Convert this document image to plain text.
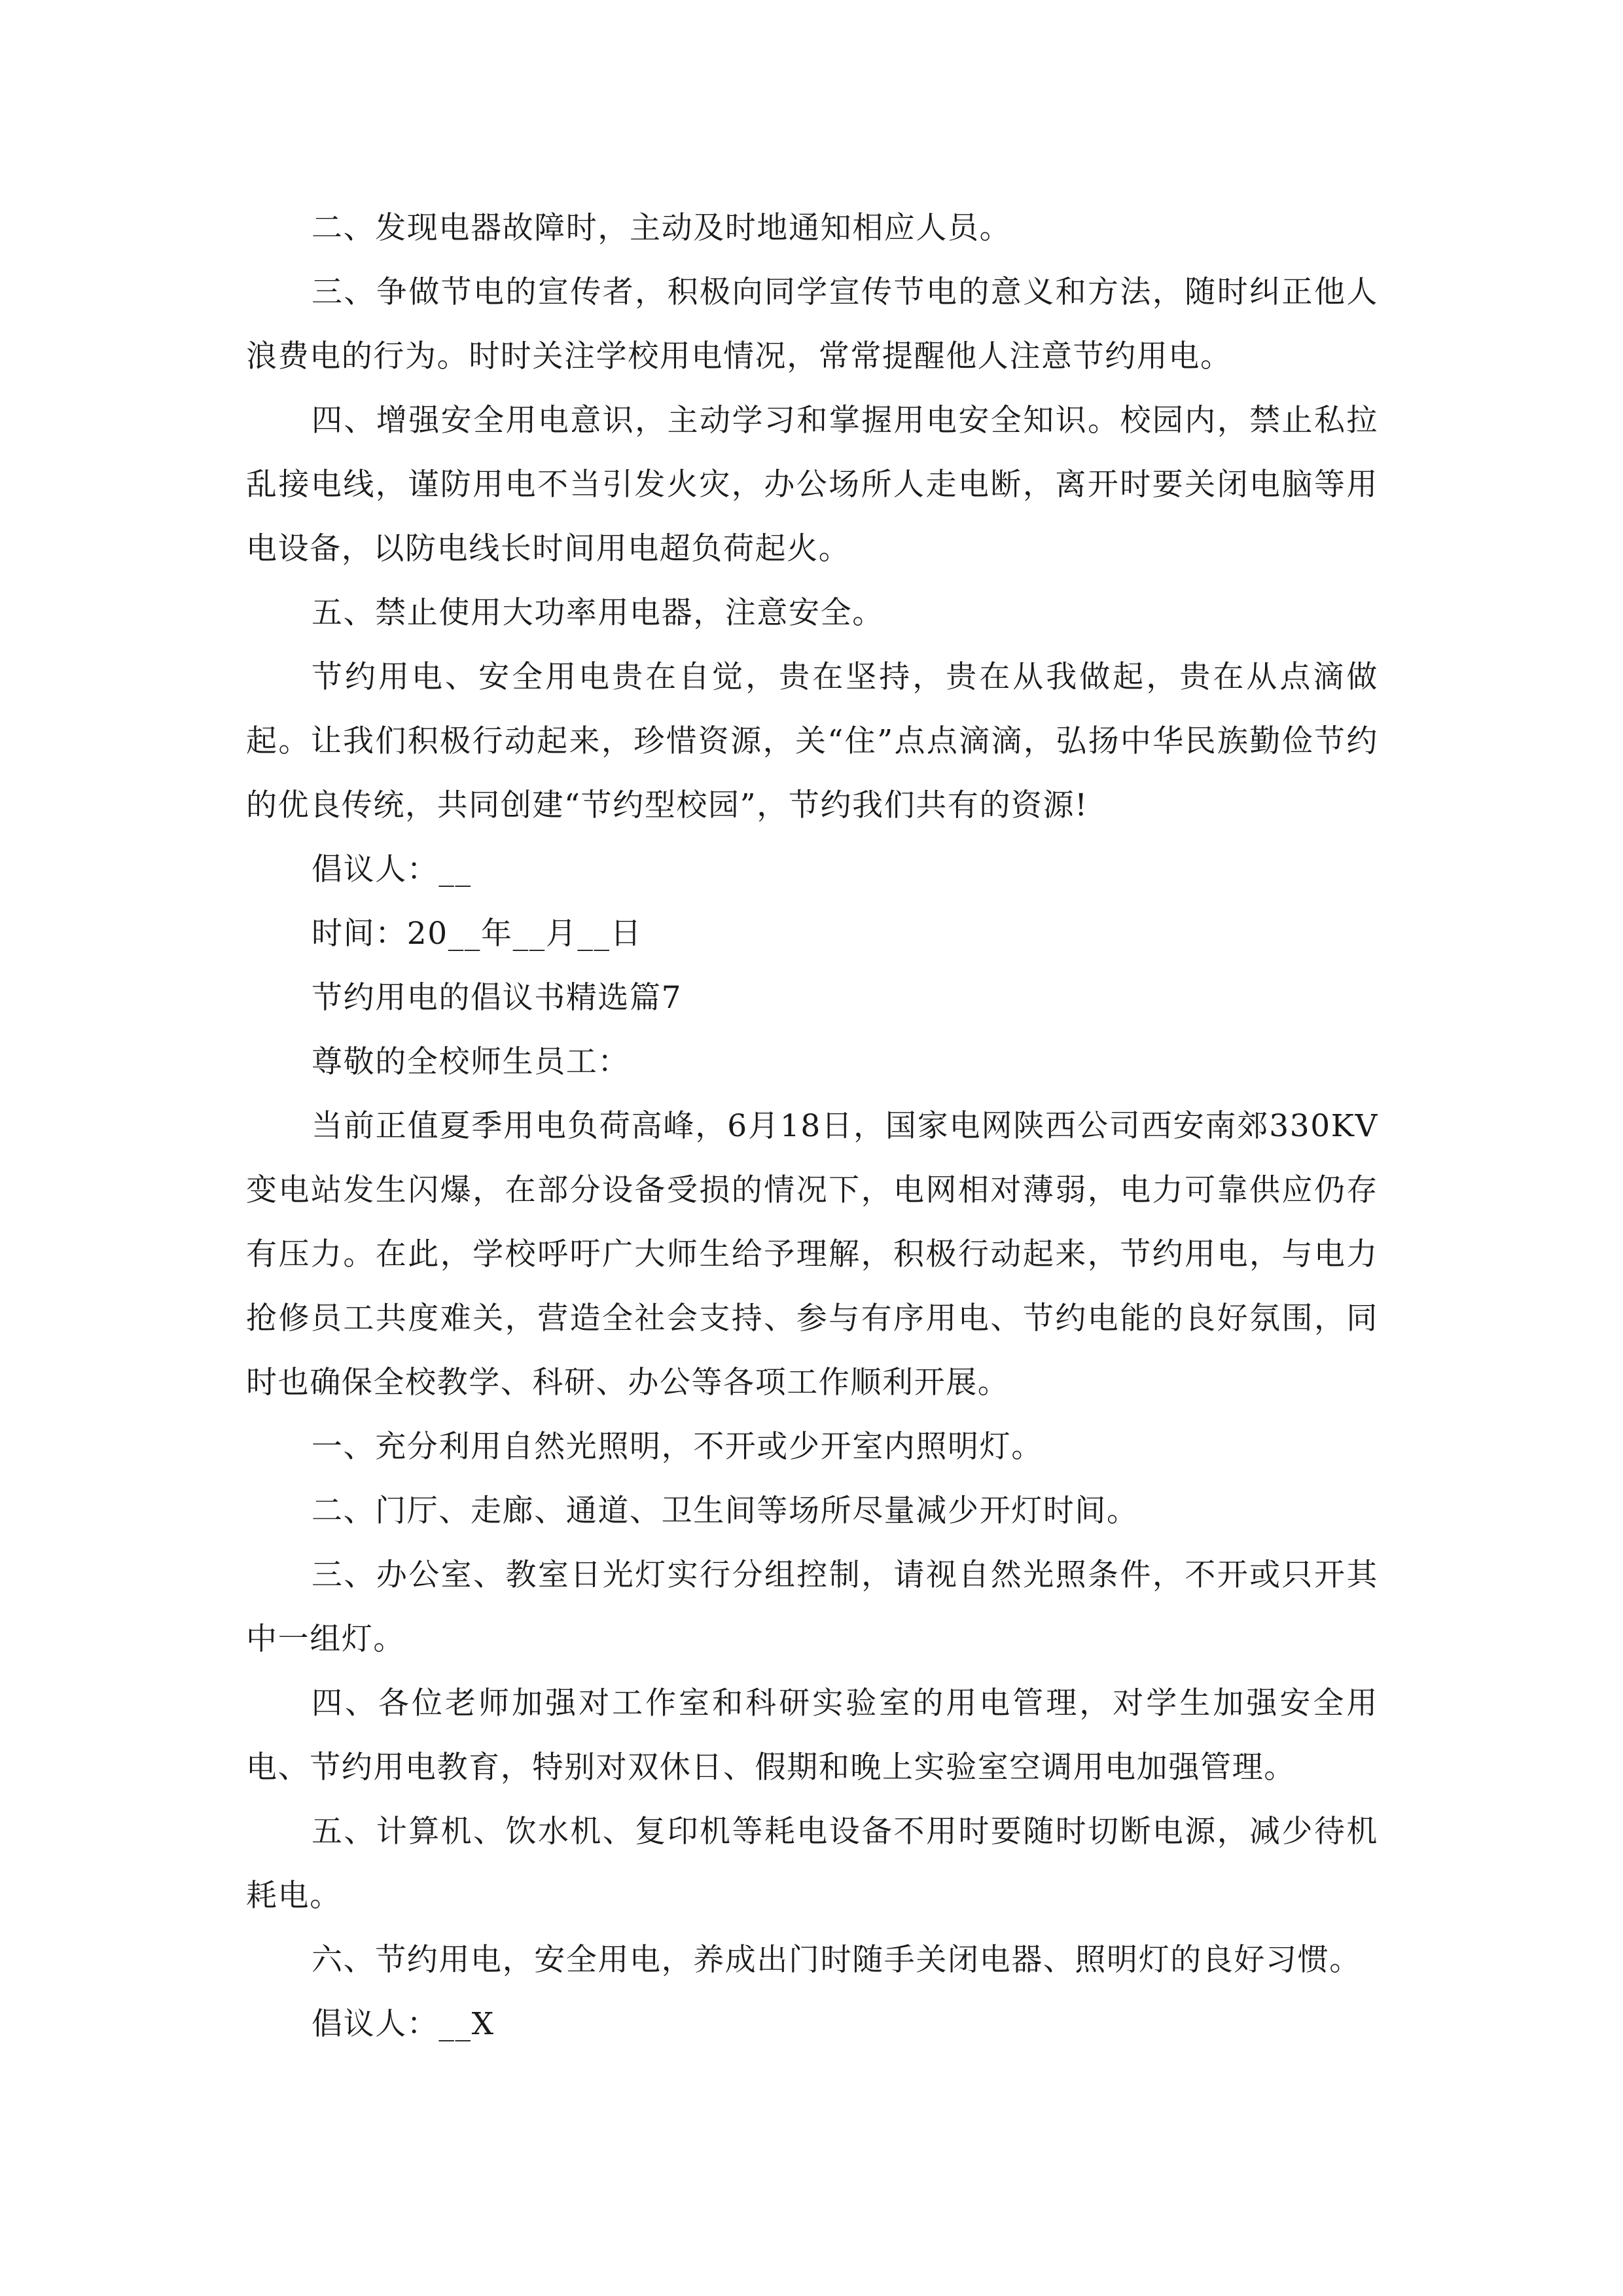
二、发现电器故障时，主动及时地通知相应人员。

三、争做节电的宣传者，积极向同学宣传节电的意义和方法，随时纠正他人浪费电的行为。时时关注学校用电情况，常常提醒他人注意节约用电。

四、增强安全用电意识，主动学习和掌握用电安全知识。校园内，禁止私拉乱接电线，谨防用电不当引发火灾，办公场所人走电断，离开时要关闭电脑等用电设备，以防电线长时间用电超负荷起火。

五、禁止使用大功率用电器，注意安全。

节约用电、安全用电贵在自觉，贵在坚持，贵在从我做起，贵在从点滴做起。让我们积极行动起来，珍惜资源，关“住”点点滴滴，弘扬中华民族勤俭节约的优良传统，共同创建“节约型校园”，节约我们共有的资源!

倡议人：__

时间：20__年__月__日

节约用电的倡议书精选篇7

尊敬的全校师生员工：

当前正值夏季用电负荷高峰，6月18日，国家电网陕西公司西安南郊330KV变电站发生闪爆，在部分设备受损的情况下，电网相对薄弱，电力可靠供应仍存有压力。在此，学校呼吁广大师生给予理解，积极行动起来，节约用电，与电力抢修员工共度难关，营造全社会支持、参与有序用电、节约电能的良好氛围，同时也确保全校教学、科研、办公等各项工作顺利开展。

一、充分利用自然光照明，不开或少开室内照明灯。

二、门厅、走廊、通道、卫生间等场所尽量减少开灯时间。

三、办公室、教室日光灯实行分组控制，请视自然光照条件，不开或只开其中一组灯。

四、各位老师加强对工作室和科研实验室的用电管理，对学生加强安全用电、节约用电教育，特别对双休日、假期和晚上实验室空调用电加强管理。

五、计算机、饮水机、复印机等耗电设备不用时要随时切断电源，减少待机耗电。

六、节约用电，安全用电，养成出门时随手关闭电器、照明灯的良好习惯。

倡议人：__X
